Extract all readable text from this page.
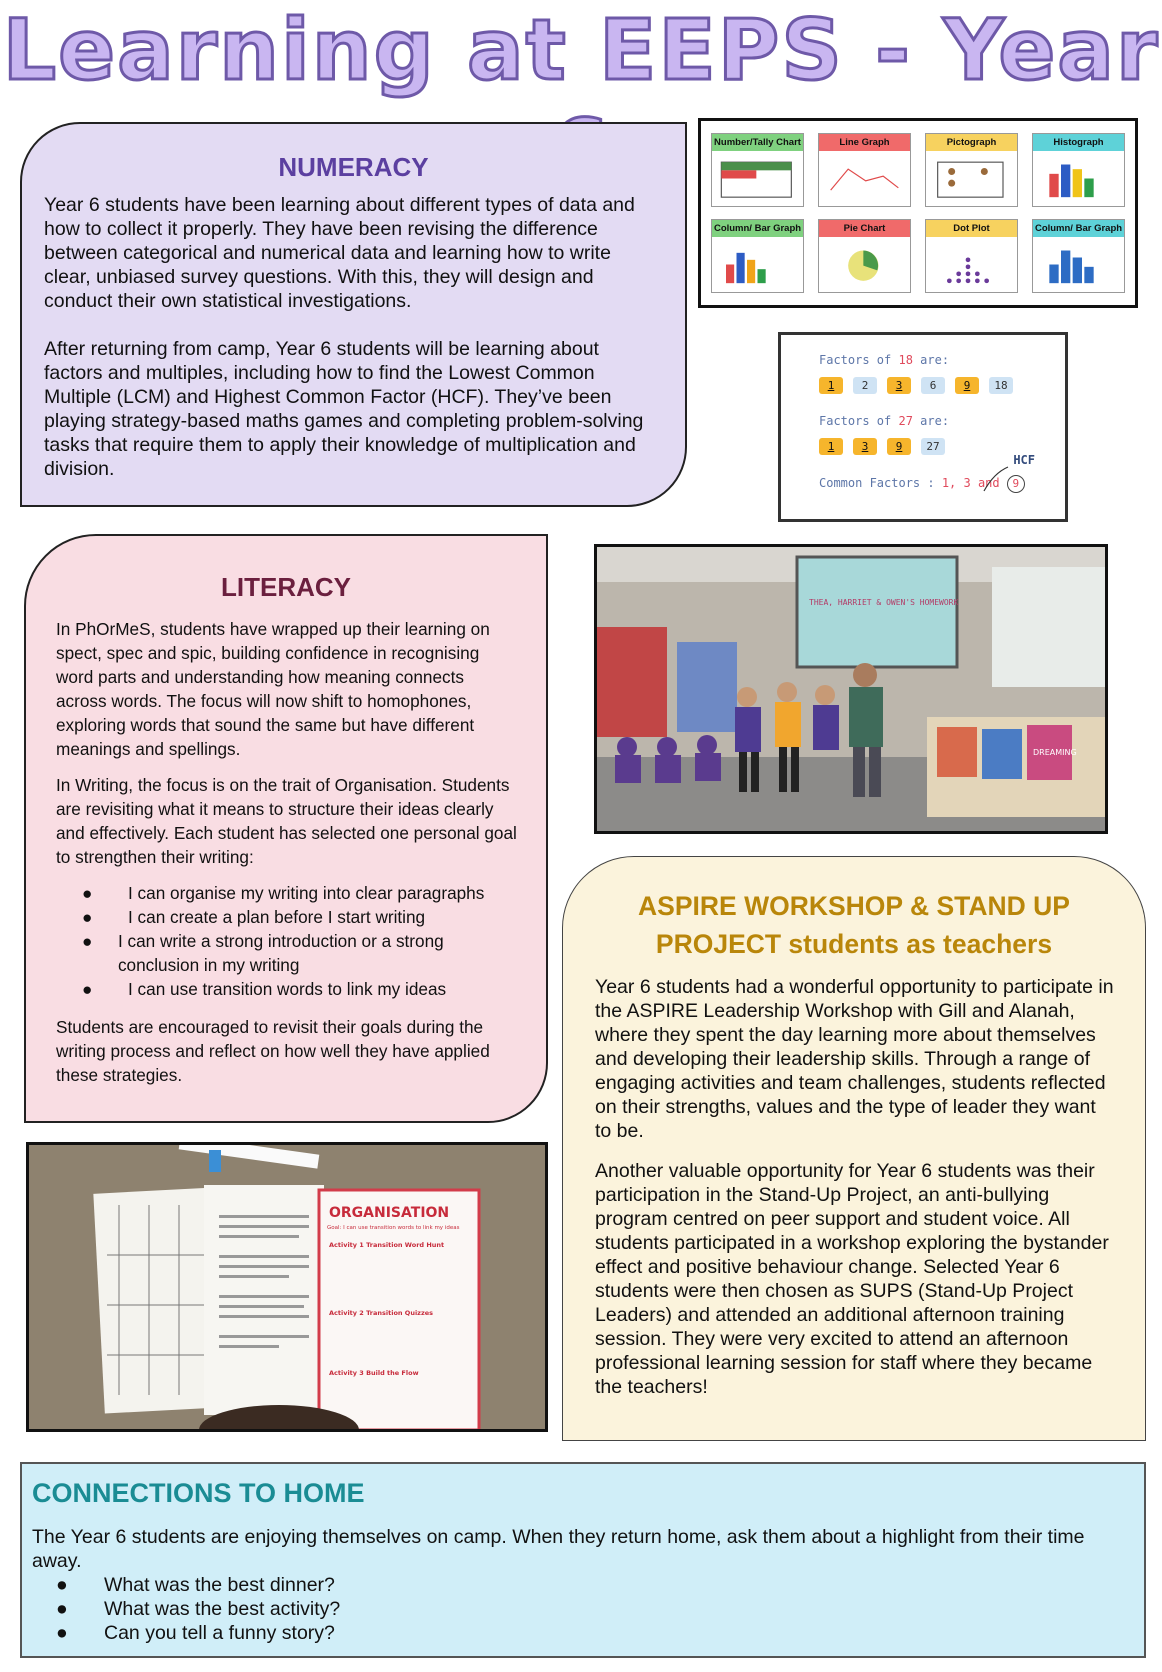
Learning at EEPS - Year
NUMERACY

Year 6 students have been learning about different types of data and how to collect it properly. They have been revising the difference between categorical and numerical data and learning how to write clear, unbiased survey questions. With this, they will design and conduct their own statistical investigations.

After returning from camp, Year 6 students will be learning about factors and multiples, including how to find the Lowest Common Multiple (LCM) and Highest Common Factor (HCF). They’ve been playing strategy-based maths games and completing problem-solving tasks that require them to apply their knowledge of multiplication and division.

Number/Tally Chart	Line Graph	Pictograph	Histograph
Column/ Bar Graph	Pie Chart	Dot Plot	Column/ Bar Graph
Factors of 18 are:
1	2	3	6	9	18
Factors of 27 are:
1	3	9	27
HCF
Common Factors : 1, 3 and 9
LITERACY

In PhOrMeS, students have wrapped up their learning on spect, spec and spic, building confidence in recognising word parts and understanding how meaning connects across words. The focus will now shift to homophones, exploring words that sound the same but have different meanings and spellings.

In Writing, the focus is on the trait of Organisation. Students are revisiting what it means to structure their ideas clearly and effectively. Each student has selected one personal goal to strengthen their writing:

●	I can organise my writing into clear paragraphs
●	I can create a plan before I start writing
●	I can write a strong introduction or a strong conclusion in my writing
●	I can use transition words to link my ideas

Students are encouraged to revisit their goals during the writing process and reflect on how well they have applied these strategies.

THEA, HARRIET & OWEN'S HOMEWORK
DREAMING
ASPIRE WORKSHOP & STAND UP PROJECT students as teachers

Year 6 students had a wonderful opportunity to participate in the ASPIRE Leadership Workshop with Gill and Alanah, where they spent the day learning more about themselves and developing their leadership skills. Through a range of engaging activities and team challenges, students reflected on their strengths, values and the type of leader they want to be.

Another valuable opportunity for Year 6 students was their participation in the Stand-Up Project, an anti-bullying program centred on peer support and student voice. All students participated in a workshop exploring the bystander effect and positive behaviour change. Selected Year 6 students were then chosen as SUPS (Stand-Up Project Leaders) and attended an additional afternoon training session. They were very excited to attend an afternoon professional learning session for staff where they became the teachers!

ORGANISATION
Goal: I can use transition words to link my ideas
Activity 1 Transition Word Hunt
Activity 2 Transition Quizzes
Activity 3 Build the Flow
CONNECTIONS TO HOME

The Year 6 students are enjoying themselves on camp. When they return home, ask them about a highlight from their time away.

●	What was the best dinner?
●	What was the best activity?
●	Can you tell a funny story?
